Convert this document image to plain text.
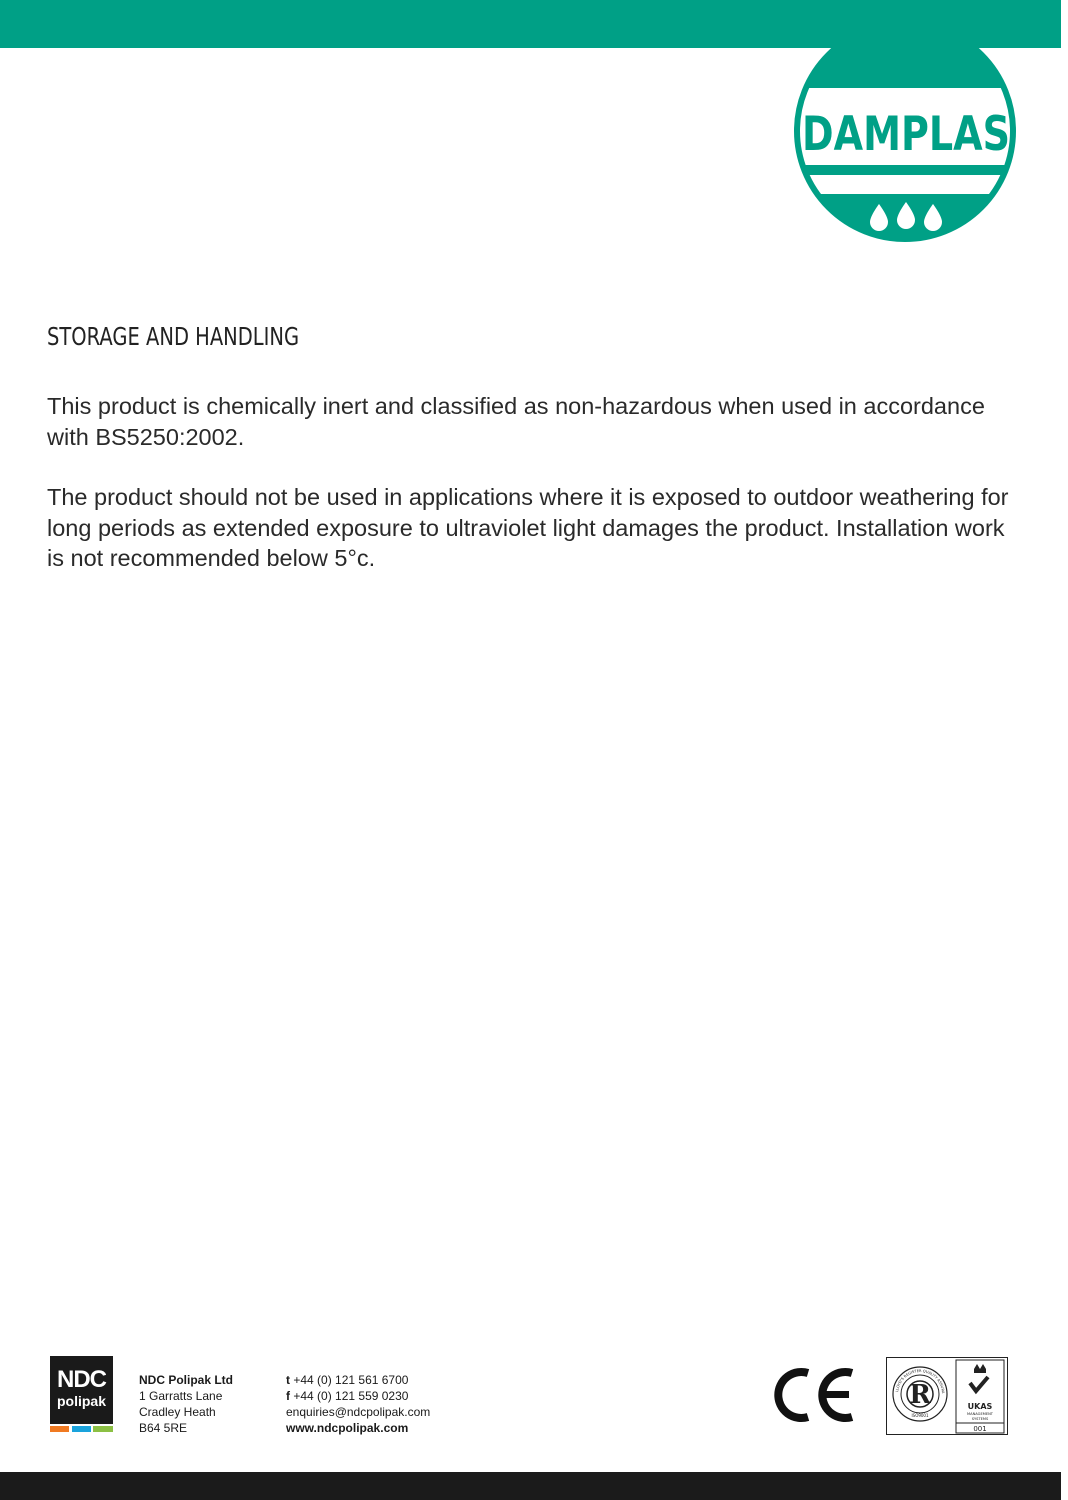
DAMPLAS
STORAGE AND HANDLING
This product is chemically inert and classified as non-hazardous when used in accordance with BS5250:2002.
The product should not be used in applications where it is exposed to outdoor weathering for long periods as extended exposure to ultraviolet light damages the product. Installation work is not recommended below 5°c.
NDC
polipak
NDC Polipak Ltd
1 Garratts Lane
Cradley Heath
B64 5RE
t +44 (0) 121 561 6700
f +44 (0) 121 559 0230
enquiries@ndcpolipak.com
www.ndcpolipak.com
R
LLOYD'S REGISTER QUALITY ASSURA
ISO9001
UKAS
MANAGEMENT
SYSTEMS
001
